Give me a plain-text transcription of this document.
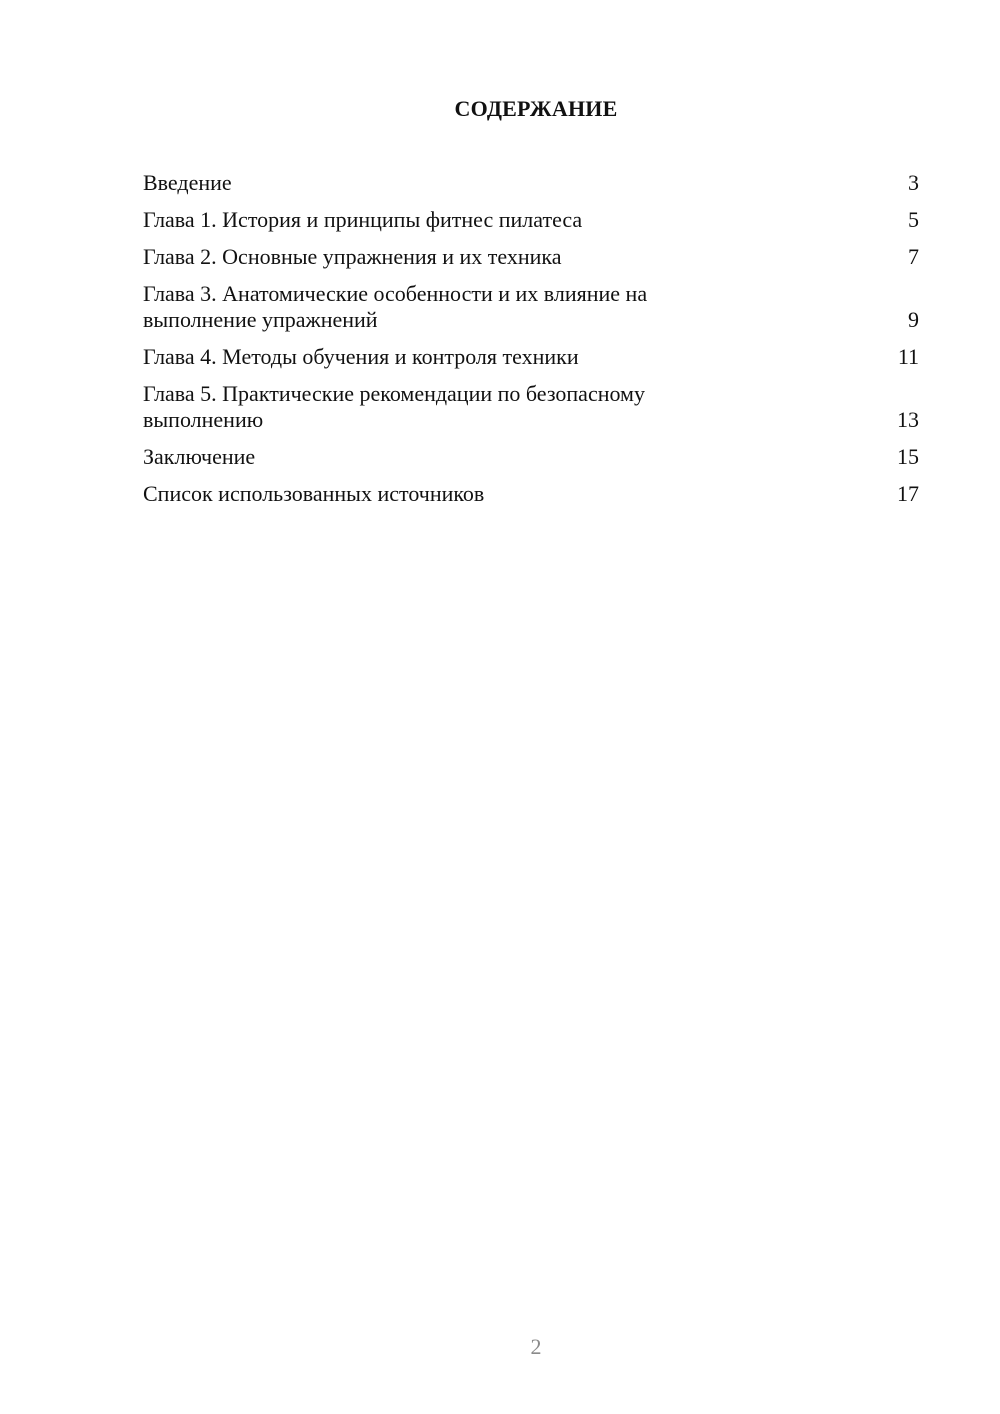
СОДЕРЖАНИЕ
Введение	3
Глава 1. История и принципы фитнес пилатеса	5
Глава 2. Основные упражнения и их техника	7
Глава 3. Анатомические особенности и их влияние на выполнение упражнений	9
Глава 4. Методы обучения и контроля техники	11
Глава 5. Практические рекомендации по безопасному выполнению	13
Заключение	15
Список использованных источников	17
2
